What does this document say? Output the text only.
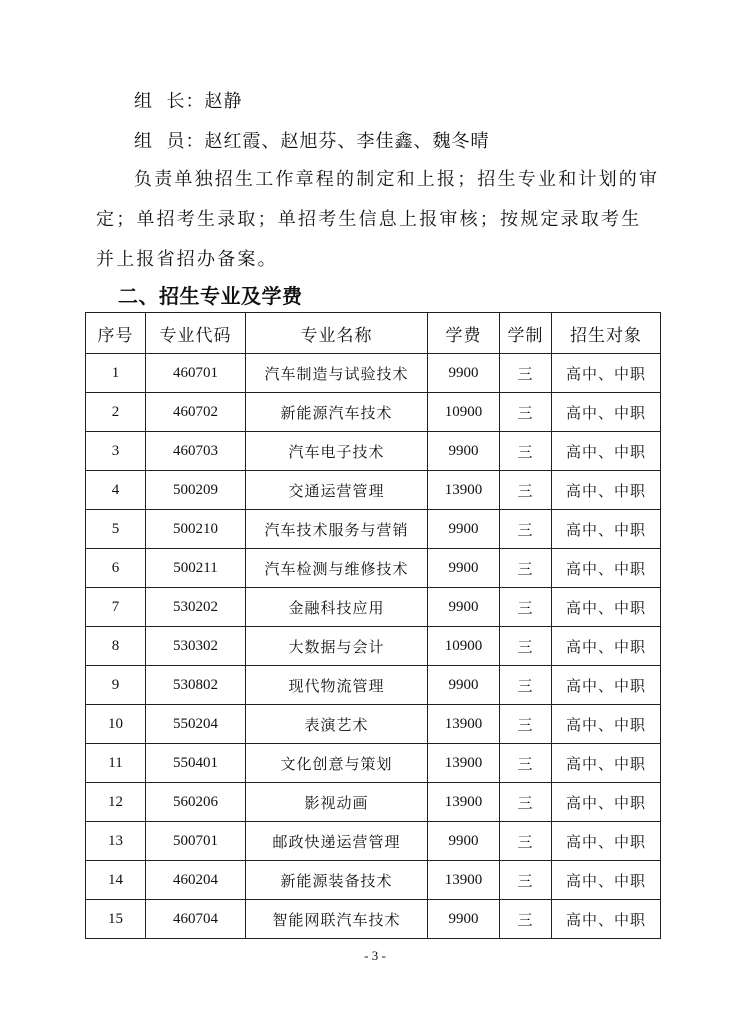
组  长：赵静
组  员：赵红霞、赵旭芬、李佳鑫、魏冬晴
负责单独招生工作章程的制定和上报；招生专业和计划的审定；单招考生录取；单招考生信息上报审核；按规定录取考生并上报省招办备案。
二、招生专业及学费
序号	专业代码	专业名称	学费	学制	招生对象
1	460701	汽车制造与试验技术	9900	三	高中、中职
2	460702	新能源汽车技术	10900	三	高中、中职
3	460703	汽车电子技术	9900	三	高中、中职
4	500209	交通运营管理	13900	三	高中、中职
5	500210	汽车技术服务与营销	9900	三	高中、中职
6	500211	汽车检测与维修技术	9900	三	高中、中职
7	530202	金融科技应用	9900	三	高中、中职
8	530302	大数据与会计	10900	三	高中、中职
9	530802	现代物流管理	9900	三	高中、中职
10	550204	表演艺术	13900	三	高中、中职
11	550401	文化创意与策划	13900	三	高中、中职
12	560206	影视动画	13900	三	高中、中职
13	500701	邮政快递运营管理	9900	三	高中、中职
14	460204	新能源装备技术	13900	三	高中、中职
15	460704	智能网联汽车技术	9900	三	高中、中职
- 3 -
